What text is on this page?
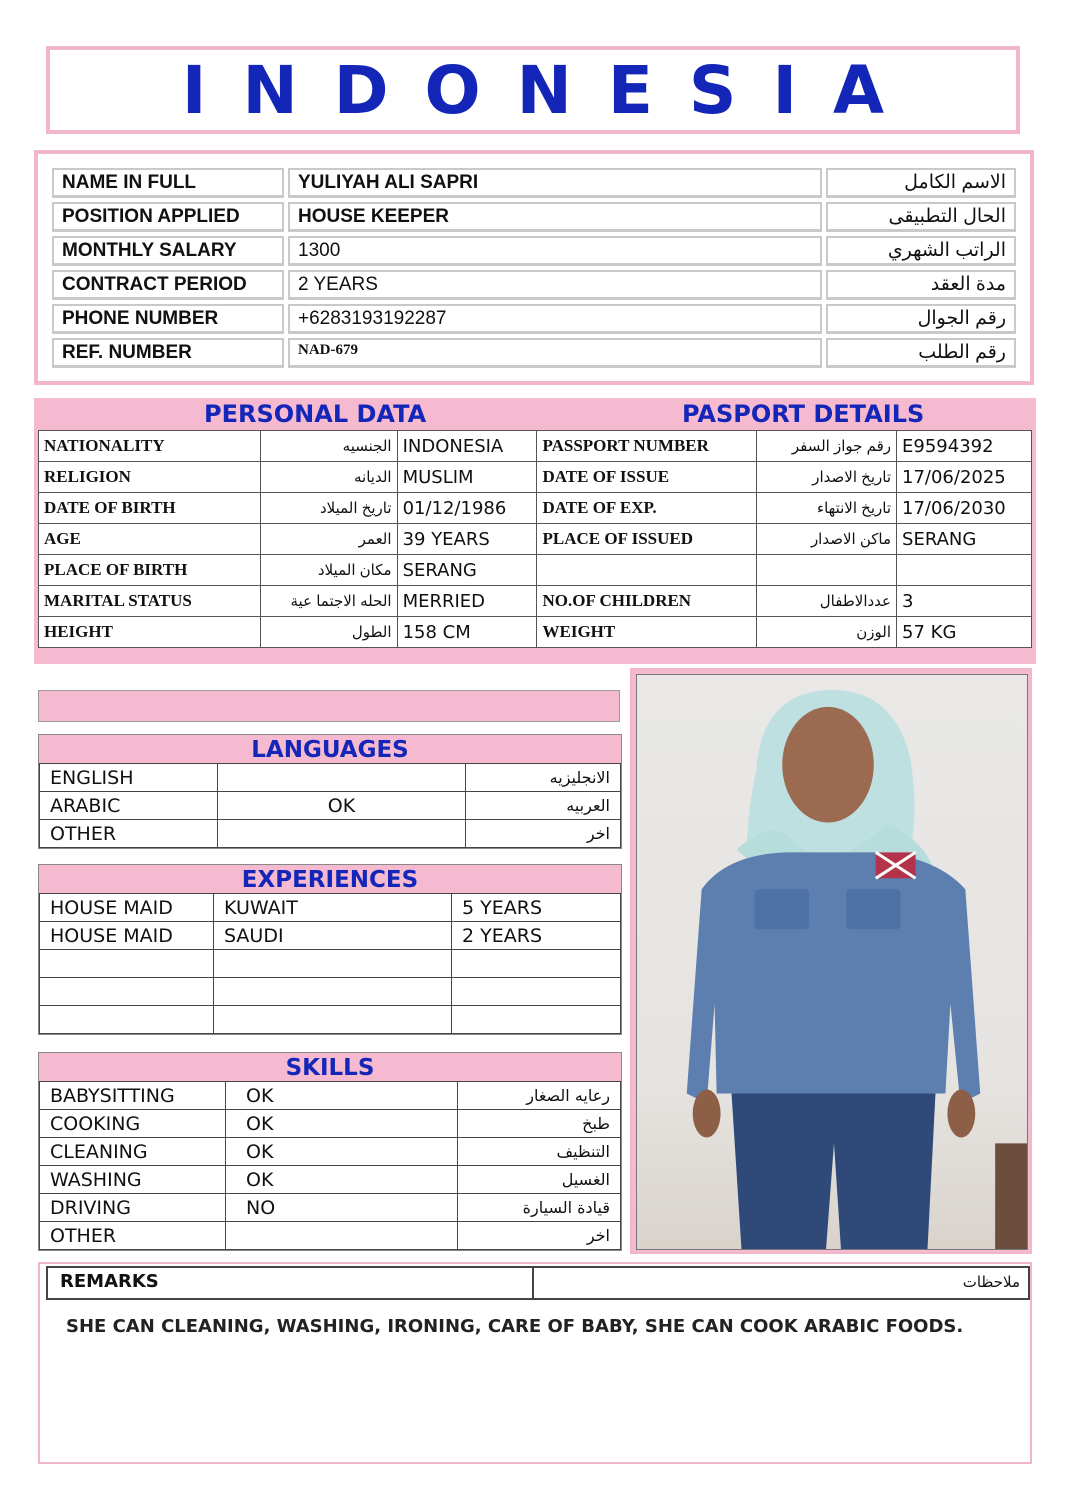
INDONESIA
NAME IN FULL	YULIYAH ALI SAPRI	الاسم الكامل

POSITION APPLIED	HOUSE KEEPER	الحال التطبيقى

MONTHLY SALARY	1300	الراتب الشهري

CONTRACT PERIOD	2 YEARS	مدة العقد

PHONE NUMBER	+6283193192287	رقم الجوال

REF. NUMBER	NAD-679	رقم الطلب
PERSONAL DATA	PASPORT DETAILS
NATIONALITY	الجنسيه	INDONESIA	PASSPORT NUMBER	رقم جواز السفر	E9594392
RELIGION	الديانه	MUSLIM	DATE OF ISSUE	تاريخ الاصدار	17/06/2025
DATE OF BIRTH	تاريخ الميلاد	01/12/1986	DATE OF EXP.	تاريخ الانتهاء	17/06/2030
AGE	العمر	39 YEARS	PLACE OF ISSUED	ماكن الاصدار	SERANG
PLACE OF BIRTH	مكان الميلاد	SERANG			
MARITAL STATUS	الحله الاجتما عية	MERRIED	NO.OF CHILDREN	عددالاطفال	3
HEIGHT	الطول	158 CM	WEIGHT	الوزن	57 KG
LANGUAGES
ENGLISH		الانجليزيه
ARABIC	OK	العربيه
OTHER		اخر
EXPERIENCES
HOUSE MAID	KUWAIT	5 YEARS
HOUSE MAID	SAUDI	2 YEARS

SKILLS
BABYSITTING	OK	رعايه الصغار
COOKING	OK	طبخ
CLEANING	OK	التنظيف
WASHING	OK	الغسيل
DRIVING	NO	قيادة السيارة
OTHER		اخر
REMARKS	ملاحظات
SHE CAN CLEANING, WASHING, IRONING, CARE OF BABY, SHE CAN COOK ARABIC FOODS.
